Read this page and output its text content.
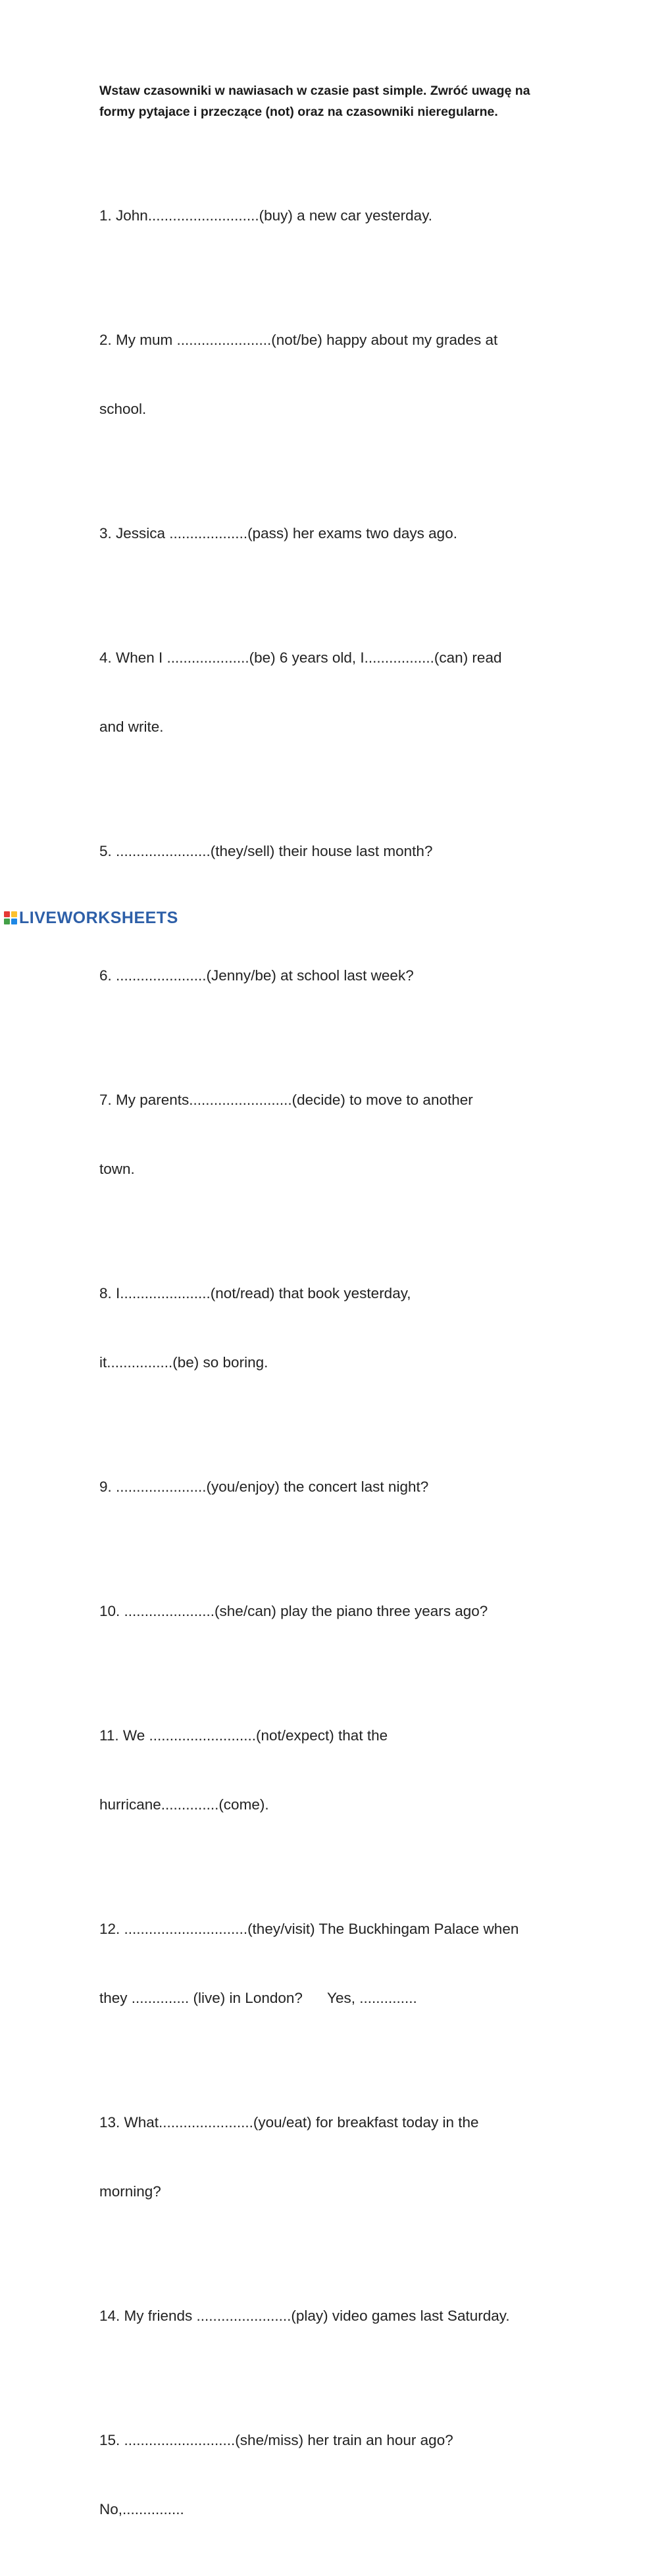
Wstaw czasowniki w nawiasach w czasie past simple. Zwróć uwagę na
formy pytajace i przeczące (not) oraz na czasowniki nieregularne.

1. John...........................(buy) a new car yesterday.

2. My mum .......................(not/be) happy about my grades at

school.

3. Jessica ...................(pass) her exams two days ago.

4. When I ....................(be) 6 years old, I.................(can) read

and write.

5. .......................(they/sell) their house last month?

6. ......................(Jenny/be) at school last week?

7. My parents.........................(decide) to move to another

town.

8. I......................(not/read) that book yesterday,

it................(be) so boring.

9. ......................(you/enjoy) the concert last night?

10. ......................(she/can) play the piano three years ago?

11. We ..........................(not/expect) that the

hurricane..............(come).

12. ..............................(they/visit) The Buckhingam Palace when

they .............. (live) in London?      Yes, ..............

13. What.......................(you/eat) for breakfast today in the

morning?

14. My friends .......................(play) video games last Saturday.

15. ...........................(she/miss) her train an hour ago?

No,...............

LIVEWORKSHEETS
